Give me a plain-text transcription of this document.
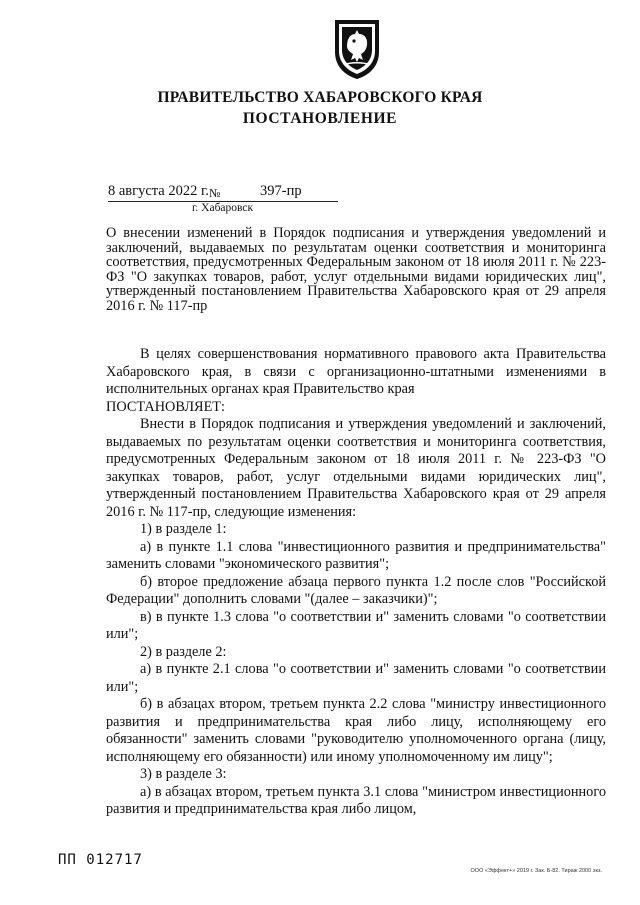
ПРАВИТЕЛЬСТВО ХАБАРОВСКОГО КРАЯ
ПОСТАНОВЛЕНИЕ
8 августа 2022 г. №	397-пр
г. Хабаровск

О внесении изменений в Порядок подписания и утверждения уведомлений и заключений, выдаваемых по результатам оценки соответствия и мониторинга соответствия, предусмотренных Федеральным законом от 18 июля 2011 г. № 223-ФЗ "О закупках товаров, работ, услуг отдельными видами юридических лиц", утвержденный постановлением Правительства Хабаровского края от 29 апреля 2016 г. № 117-пр

В целях совершенствования нормативного правового акта Правительства Хабаровского края, в связи с организационно-штатными изменениями в исполнительных органах края Правительство края

ПОСТАНОВЛЯЕТ:

Внести в Порядок подписания и утверждения уведомлений и заключений, выдаваемых по результатам оценки соответствия и мониторинга соответствия, предусмотренных Федеральным законом от 18 июля 2011 г. № 223-ФЗ "О закупках товаров, работ, услуг отдельными видами юридических лиц", утвержденный постановлением Правительства Хабаровского края от 29 апреля 2016 г. № 117-пр, следующие изменения:

1) в разделе 1:

а) в пункте 1.1 слова "инвестиционного развития и предпринимательства" заменить словами "экономического развития";

б) второе предложение абзаца первого пункта 1.2 после слов "Российской Федерации" дополнить словами "(далее – заказчики)";

в) в пункте 1.3 слова "о соответствии и" заменить словами "о соответствии или";

2) в разделе 2:

а) в пункте 2.1 слова "о соответствии и" заменить словами "о соответствии или";

б) в абзацах втором, третьем пункта 2.2 слова "министру инвестиционного развития и предпринимательства края либо лицу, исполняющему его обязанности" заменить словами "руководителю уполномоченного органа (лицу, исполняющему его обязанности) или иному уполномоченному им лицу";

3) в разделе 3:

а) в абзацах втором, третьем пункта 3.1 слова "министром инвестиционного развития и предпринимательства края либо лицом,

ПП 012717
ООО «Эффект+» 2019 г. Зак. Б-82. Тираж 2000 экз.
